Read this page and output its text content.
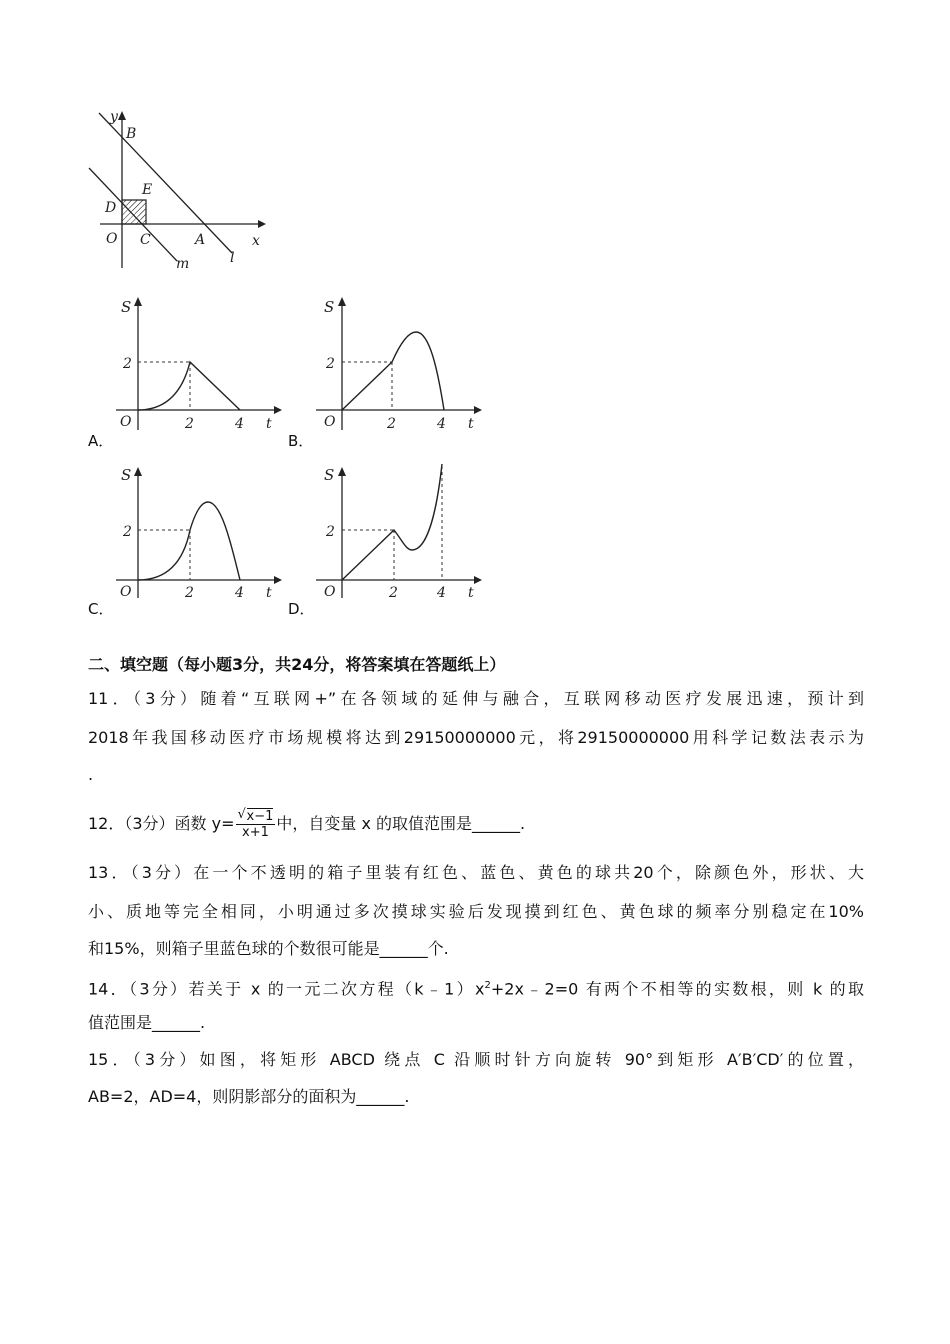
y
B
E
D
O C	A	x
m	l
S
2
O	2	4 t
A．
S
2
O	2	4 t
B．
S
2
O	2	4 t
C．
S
2
O	2	4 t
D．
二、填空题（每小题3分，共24分，将答案填在答题纸上）
11．（3分）随着“互联网+”在各领域的延伸与融合，互联网移动医疗发展迅速，预计到
2018年我国移动医疗市场规模将达到29150000000元，将29150000000用科学记数法表示为
.
12．（3分）函数 $y= \frac{√ x-1}{x+1}$ 中，自变量 x 的取值范围是______.
13．（3分）在一个不透明的箱子里装有红色、蓝色、黄色的球共20个，除颜色外，形状、大
小、质地等完全相同，小明通过多次摸球实验后发现摸到红色、黄色球的频率分别稳定在10%
和15%，则箱子里蓝色球的个数很可能是______个.
14．（3分）若关于 x 的一元二次方程$(k﹣1)x^2+2x﹣2=0$ 有两个不相等的实数根，则 k 的取
值范围是______.
15．（3分）如图，将矩形 ABCD 绕点 C 沿顺时针方向旋转 90°到矩形 A′B′CD′的位置，
AB=2，AD=4，则阴影部分的面积为______.
